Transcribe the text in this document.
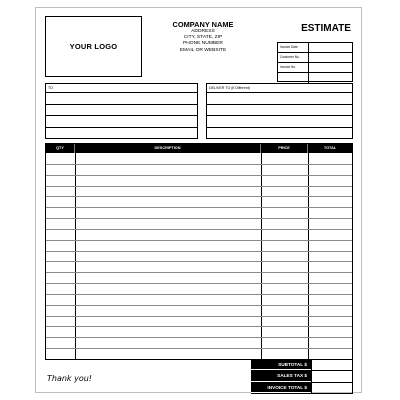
YOUR LOGO
COMPANY NAME
ADDRESS
CITY, STATE, ZIP
PHONE NUMBER
EMAIL OR WEBSITE
ESTIMATE
Invoice Date
Customer No.
Invoice No.
TO	DELIVER TO (if Different)
QTY	DESCRIPTION	PRICE	TOTAL
SUBTOTAL $
SALES TAX $
INVOICE TOTAL $
Thank you!
